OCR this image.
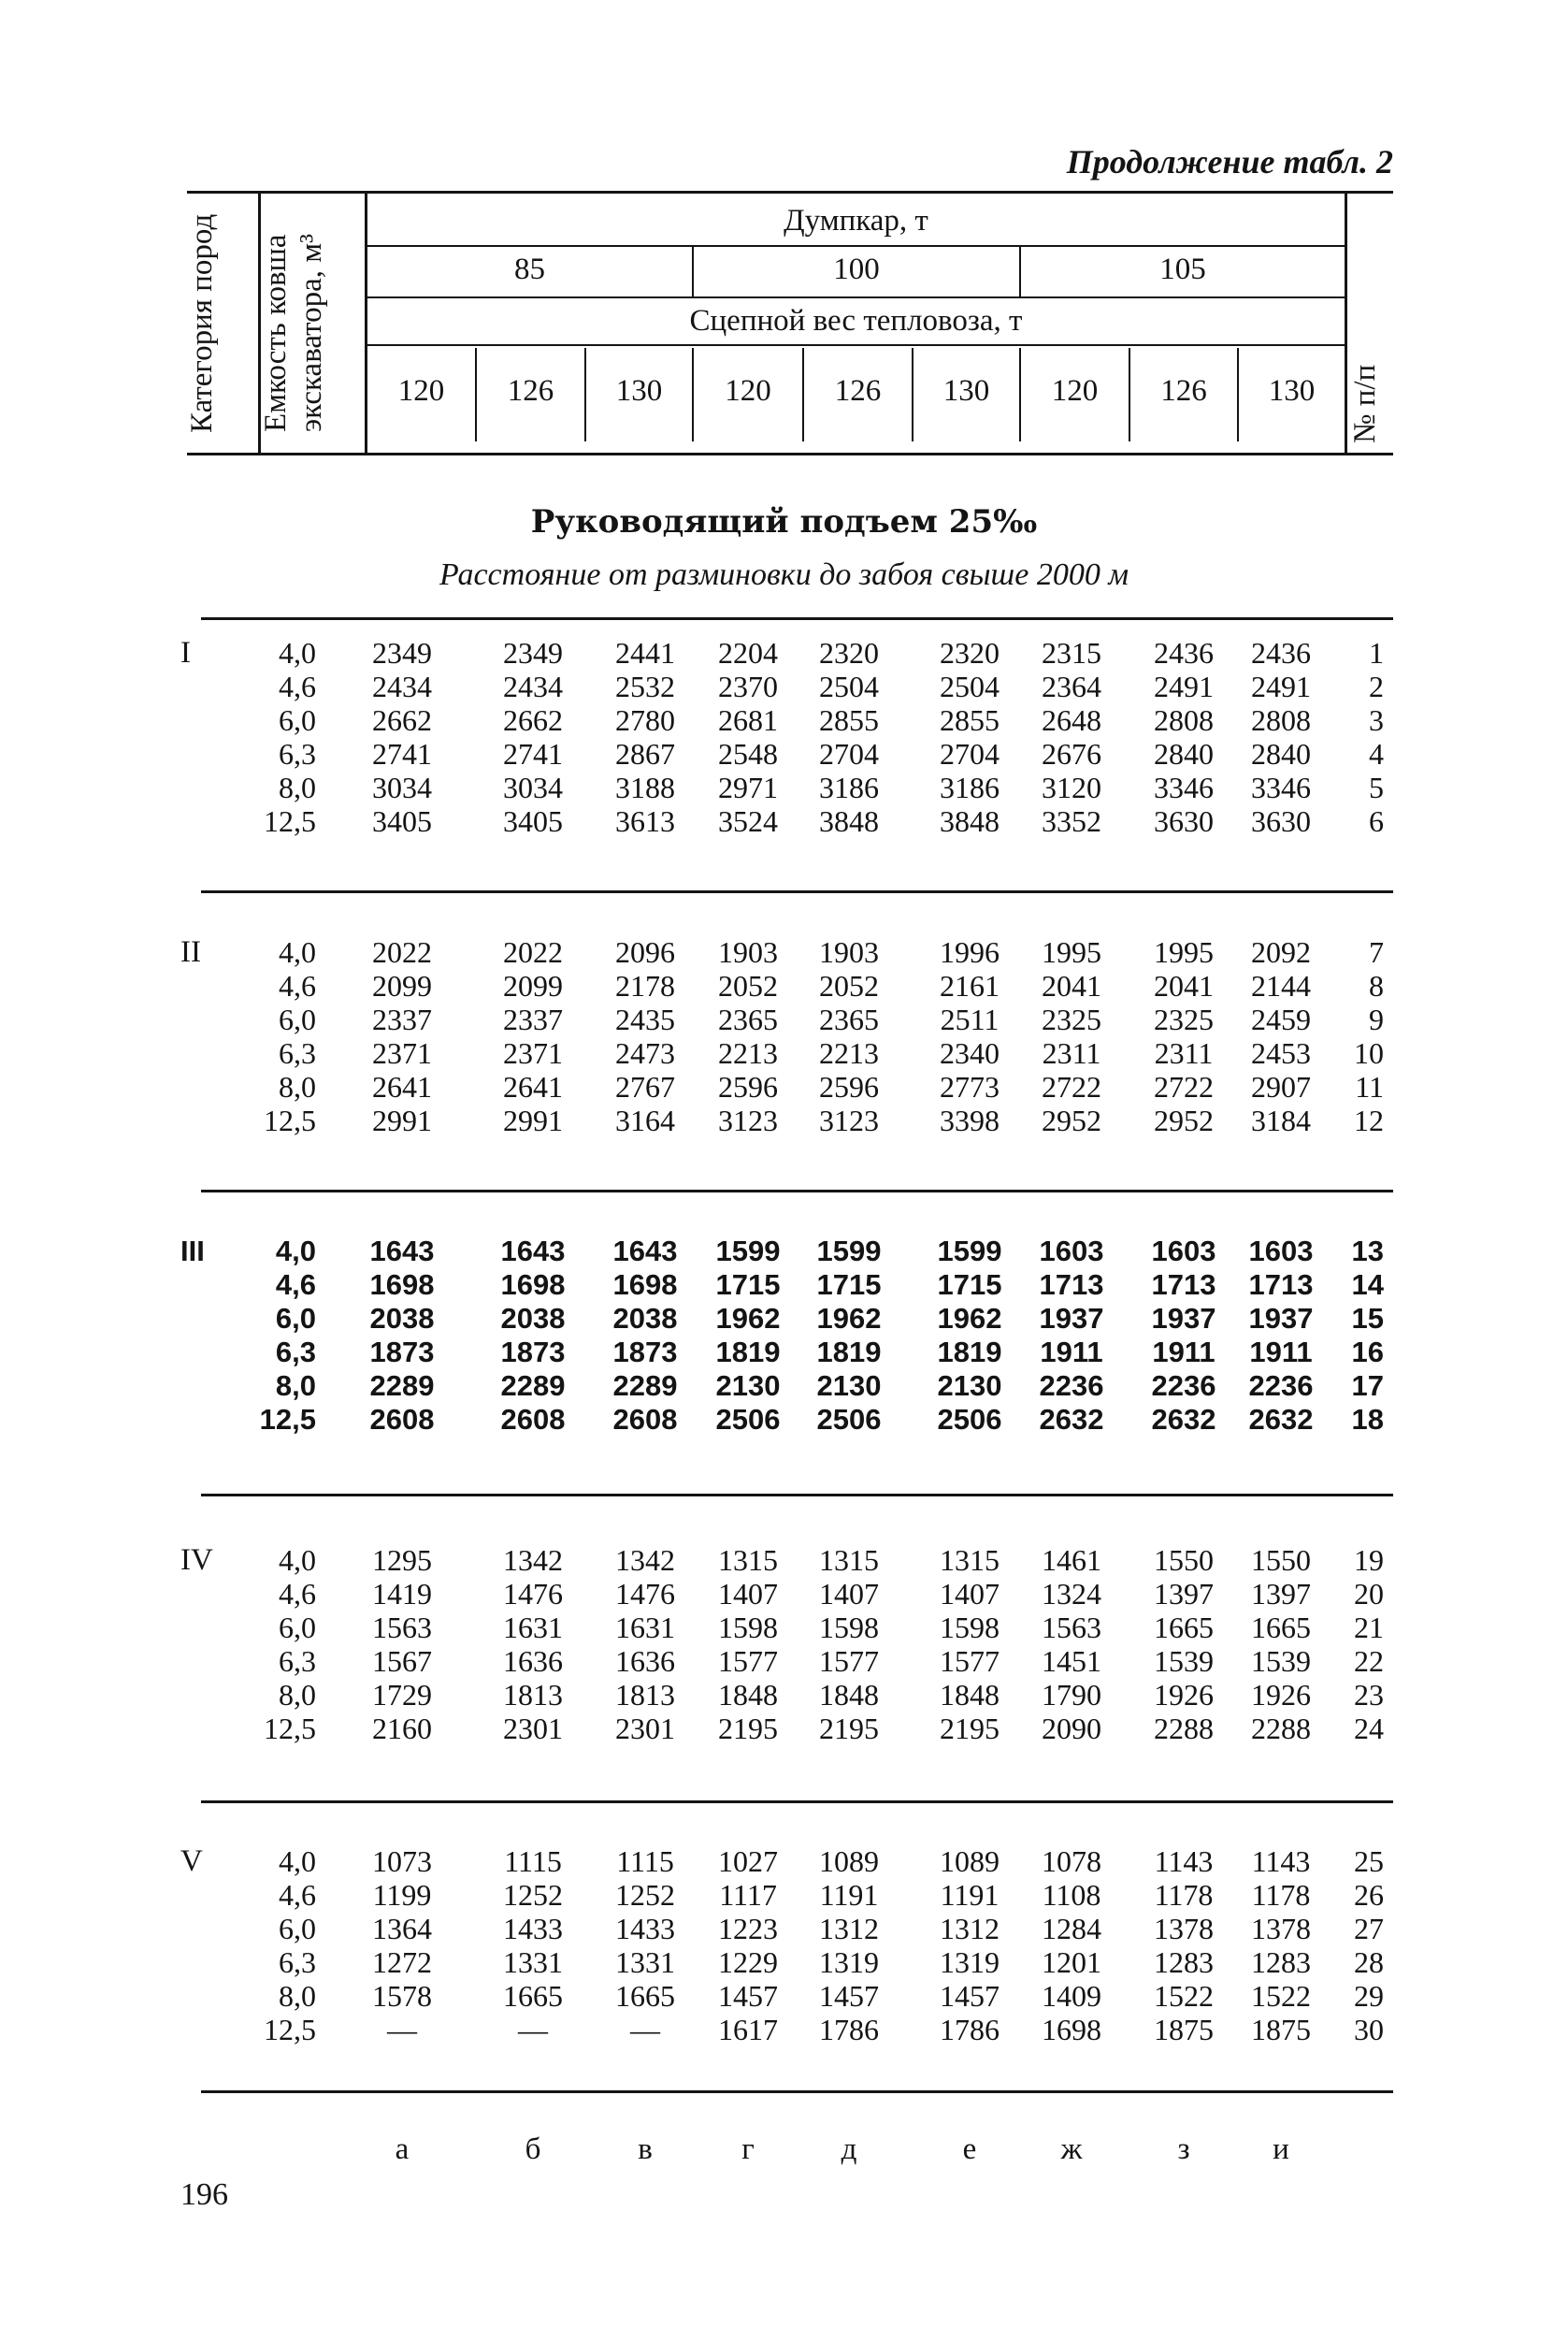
Продолжение табл. 2
Категория пород	Емкость ковша экскаватора, м³	№ п/п
Думпкар, т
85	100	105
Сцепной вес тепловоза, т
120	126	130	120	126	130	120	126	130
Руководящий подъем 25‰
Расстояние от разминовки до забоя свыше 2000 м
I	4,0	2349	2349	2441	2204	2320	2320	2315	2436	2436	1
4,6	2434	2434	2532	2370	2504	2504	2364	2491	2491	2
6,0	2662	2662	2780	2681	2855	2855	2648	2808	2808	3
6,3	2741	2741	2867	2548	2704	2704	2676	2840	2840	4
8,0	3034	3034	3188	2971	3186	3186	3120	3346	3346	5
12,5	3405	3405	3613	3524	3848	3848	3352	3630	3630	6
II	4,0	2022	2022	2096	1903	1903	1996	1995	1995	2092	7
4,6	2099	2099	2178	2052	2052	2161	2041	2041	2144	8
6,0	2337	2337	2435	2365	2365	2511	2325	2325	2459	9
6,3	2371	2371	2473	2213	2213	2340	2311	2311	2453	10
8,0	2641	2641	2767	2596	2596	2773	2722	2722	2907	11
12,5	2991	2991	3164	3123	3123	3398	2952	2952	3184	12
III	4,0	1643	1643	1643	1599	1599	1599	1603	1603	1603	13
4,6	1698	1698	1698	1715	1715	1715	1713	1713	1713	14
6,0	2038	2038	2038	1962	1962	1962	1937	1937	1937	15
6,3	1873	1873	1873	1819	1819	1819	1911	1911	1911	16
8,0	2289	2289	2289	2130	2130	2130	2236	2236	2236	17
12,5	2608	2608	2608	2506	2506	2506	2632	2632	2632	18
IV	4,0	1295	1342	1342	1315	1315	1315	1461	1550	1550	19
4,6	1419	1476	1476	1407	1407	1407	1324	1397	1397	20
6,0	1563	1631	1631	1598	1598	1598	1563	1665	1665	21
6,3	1567	1636	1636	1577	1577	1577	1451	1539	1539	22
8,0	1729	1813	1813	1848	1848	1848	1790	1926	1926	23
12,5	2160	2301	2301	2195	2195	2195	2090	2288	2288	24
V	4,0	1073	1115	1115	1027	1089	1089	1078	1143	1143	25
4,6	1199	1252	1252	1117	1191	1191	1108	1178	1178	26
6,0	1364	1433	1433	1223	1312	1312	1284	1378	1378	27
6,3	1272	1331	1331	1229	1319	1319	1201	1283	1283	28
8,0	1578	1665	1665	1457	1457	1457	1409	1522	1522	29
12,5	—	—	—	1617	1786	1786	1698	1875	1875	30
а	б	в	г	д	е	ж	з	и
196
